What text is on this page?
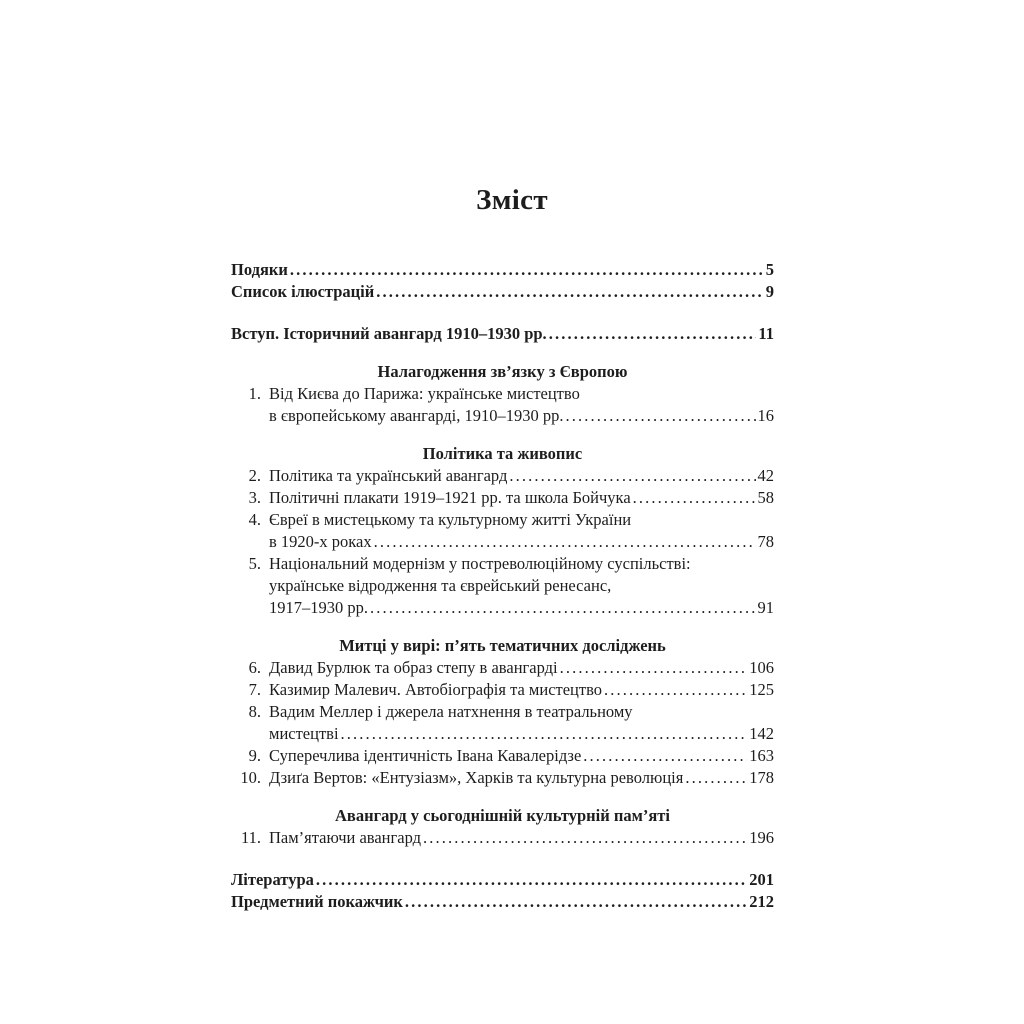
Зміст
Подяки . . .	5
Список ілюстрацій . . .	9
Вступ. Історичний авангард 1910–1930 рр. . . .	11
Налагодження зв’язку з Європою
1. Від Києва до Парижа: українське мистецтво
в європейському авангарді, 1910–1930 рр. . . .	16
Політика та живопис
2. Політика та український авангард . . .	42
3. Політичні плакати 1919–1921 рр. та школа Бойчука . . .	58
4. Євреї в мистецькому та культурному житті України
в 1920-х роках . . .	78
5. Національний модернізм у постреволюційному суспільстві:
українське відродження та єврейський ренесанс,
1917–1930 рр. . . .	91
Митці у вирі: п’ять тематичних досліджень
6. Давид Бурлюк та образ степу в авангарді . . .	106
7. Казимир Малевич. Автобіографія та мистецтво . . .	125
8. Вадим Меллер і джерела натхнення в театральному
мистецтві . . .	142
9. Суперечлива ідентичність Івана Кавалерідзе . . .	163
10. Дзиґа Вертов: «Ентузіазм», Харків та культурна революція . . .	178
Авангард у сьогоднішній культурній пам’яті
11. Пам’ятаючи авангард . . .	196
Література . . .	201
Предметний покажчик . . .	212
